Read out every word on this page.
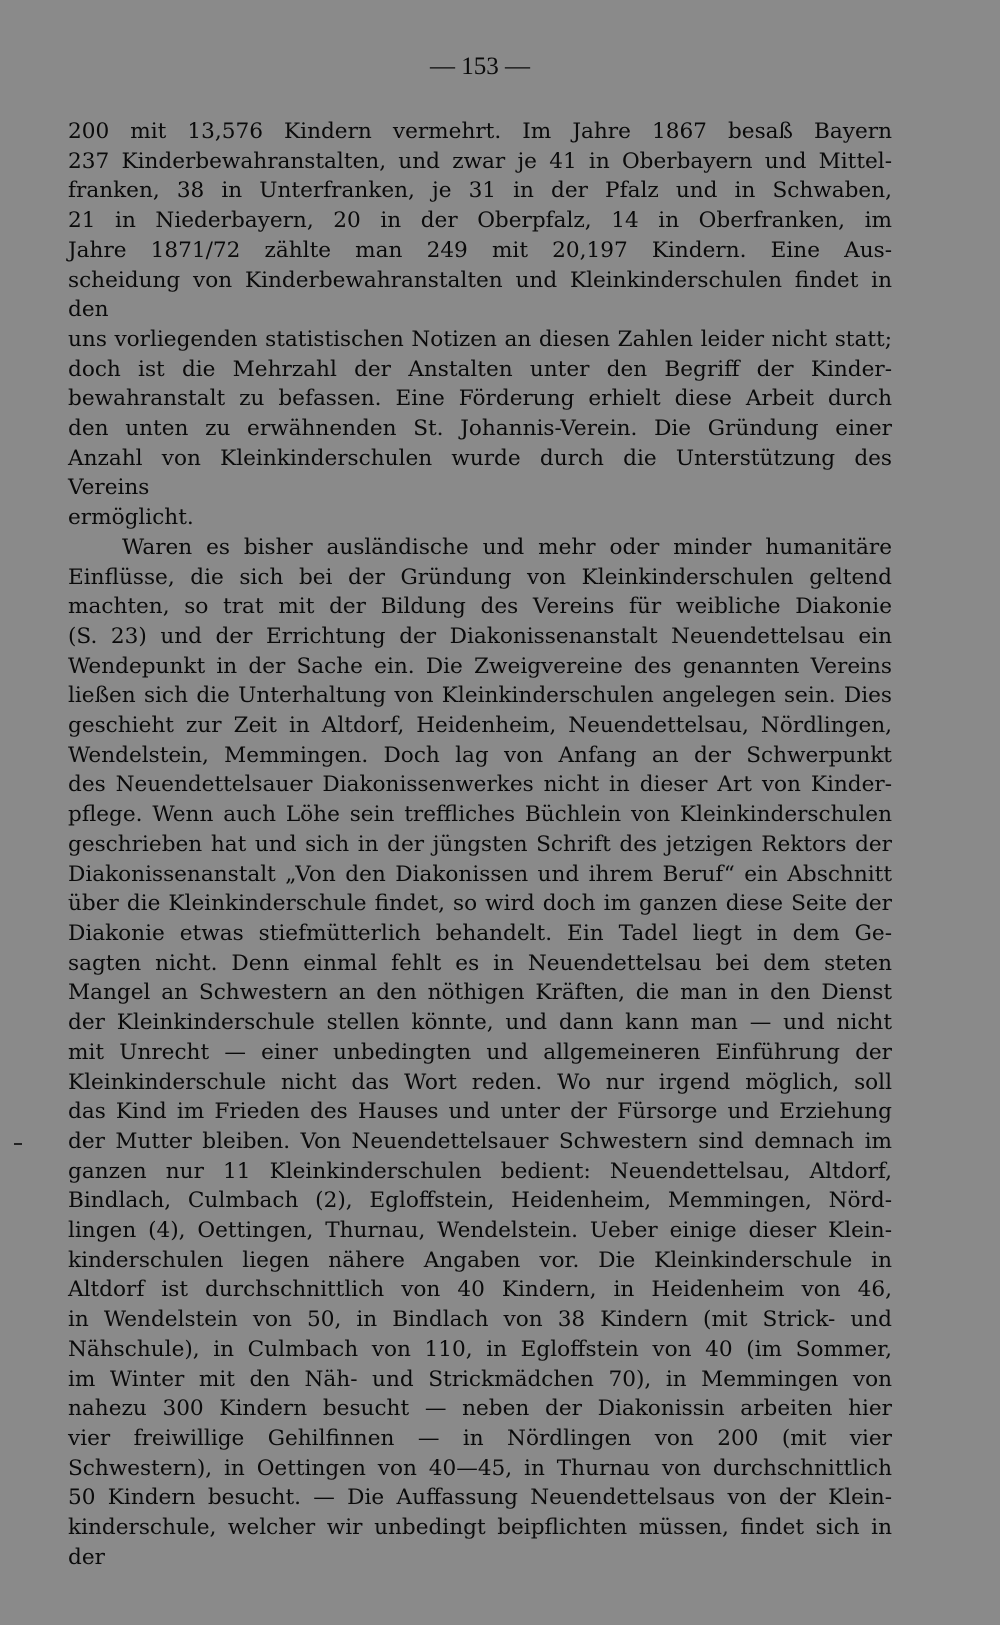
— 153 —
200 mit 13,576 Kindern vermehrt. Im Jahre 1867 besaß Bayern
237 Kinderbewahranstalten, und zwar je 41 in Oberbayern und Mittel-
franken, 38 in Unterfranken, je 31 in der Pfalz und in Schwaben,
21 in Niederbayern, 20 in der Oberpfalz, 14 in Oberfranken, im
Jahre 1871/72 zählte man 249 mit 20,197 Kindern. Eine Aus-
scheidung von Kinderbewahranstalten und Kleinkinderschulen findet in den
uns vorliegenden statistischen Notizen an diesen Zahlen leider nicht statt;
doch ist die Mehrzahl der Anstalten unter den Begriff der Kinder-
bewahranstalt zu befassen. Eine Förderung erhielt diese Arbeit durch
den unten zu erwähnenden St. Johannis-Verein. Die Gründung einer
Anzahl von Kleinkinderschulen wurde durch die Unterstützung des Vereins
ermöglicht.
Waren es bisher ausländische und mehr oder minder humanitäre
Einflüsse, die sich bei der Gründung von Kleinkinderschulen geltend
machten, so trat mit der Bildung des Vereins für weibliche Diakonie
(S. 23) und der Errichtung der Diakonissenanstalt Neuendettelsau ein
Wendepunkt in der Sache ein. Die Zweigvereine des genannten Vereins
ließen sich die Unterhaltung von Kleinkinderschulen angelegen sein. Dies
geschieht zur Zeit in Altdorf, Heidenheim, Neuendettelsau, Nördlingen,
Wendelstein, Memmingen. Doch lag von Anfang an der Schwerpunkt
des Neuendettelsauer Diakonissenwerkes nicht in dieser Art von Kinder-
pflege. Wenn auch Löhe sein treffliches Büchlein von Kleinkinderschulen
geschrieben hat und sich in der jüngsten Schrift des jetzigen Rektors der
Diakonissenanstalt „Von den Diakonissen und ihrem Beruf“ ein Abschnitt
über die Kleinkinderschule findet, so wird doch im ganzen diese Seite der
Diakonie etwas stiefmütterlich behandelt. Ein Tadel liegt in dem Ge-
sagten nicht. Denn einmal fehlt es in Neuendettelsau bei dem steten
Mangel an Schwestern an den nöthigen Kräften, die man in den Dienst
der Kleinkinderschule stellen könnte, und dann kann man — und nicht
mit Unrecht — einer unbedingten und allgemeineren Einführung der
Kleinkinderschule nicht das Wort reden. Wo nur irgend möglich, soll
das Kind im Frieden des Hauses und unter der Fürsorge und Erziehung
der Mutter bleiben. Von Neuendettelsauer Schwestern sind demnach im
ganzen nur 11 Kleinkinderschulen bedient: Neuendettelsau, Altdorf,
Bindlach, Culmbach (2), Egloffstein, Heidenheim, Memmingen, Nörd-
lingen (4), Oettingen, Thurnau, Wendelstein. Ueber einige dieser Klein-
kinderschulen liegen nähere Angaben vor. Die Kleinkinderschule in
Altdorf ist durchschnittlich von 40 Kindern, in Heidenheim von 46,
in Wendelstein von 50, in Bindlach von 38 Kindern (mit Strick- und
Nähschule), in Culmbach von 110, in Egloffstein von 40 (im Sommer,
im Winter mit den Näh- und Strickmädchen 70), in Memmingen von
nahezu 300 Kindern besucht — neben der Diakonissin arbeiten hier
vier freiwillige Gehilfinnen — in Nördlingen von 200 (mit vier
Schwestern), in Oettingen von 40—45, in Thurnau von durchschnittlich
50 Kindern besucht. — Die Auffassung Neuendettelsaus von der Klein-
kinderschule, welcher wir unbedingt beipflichten müssen, findet sich in der
